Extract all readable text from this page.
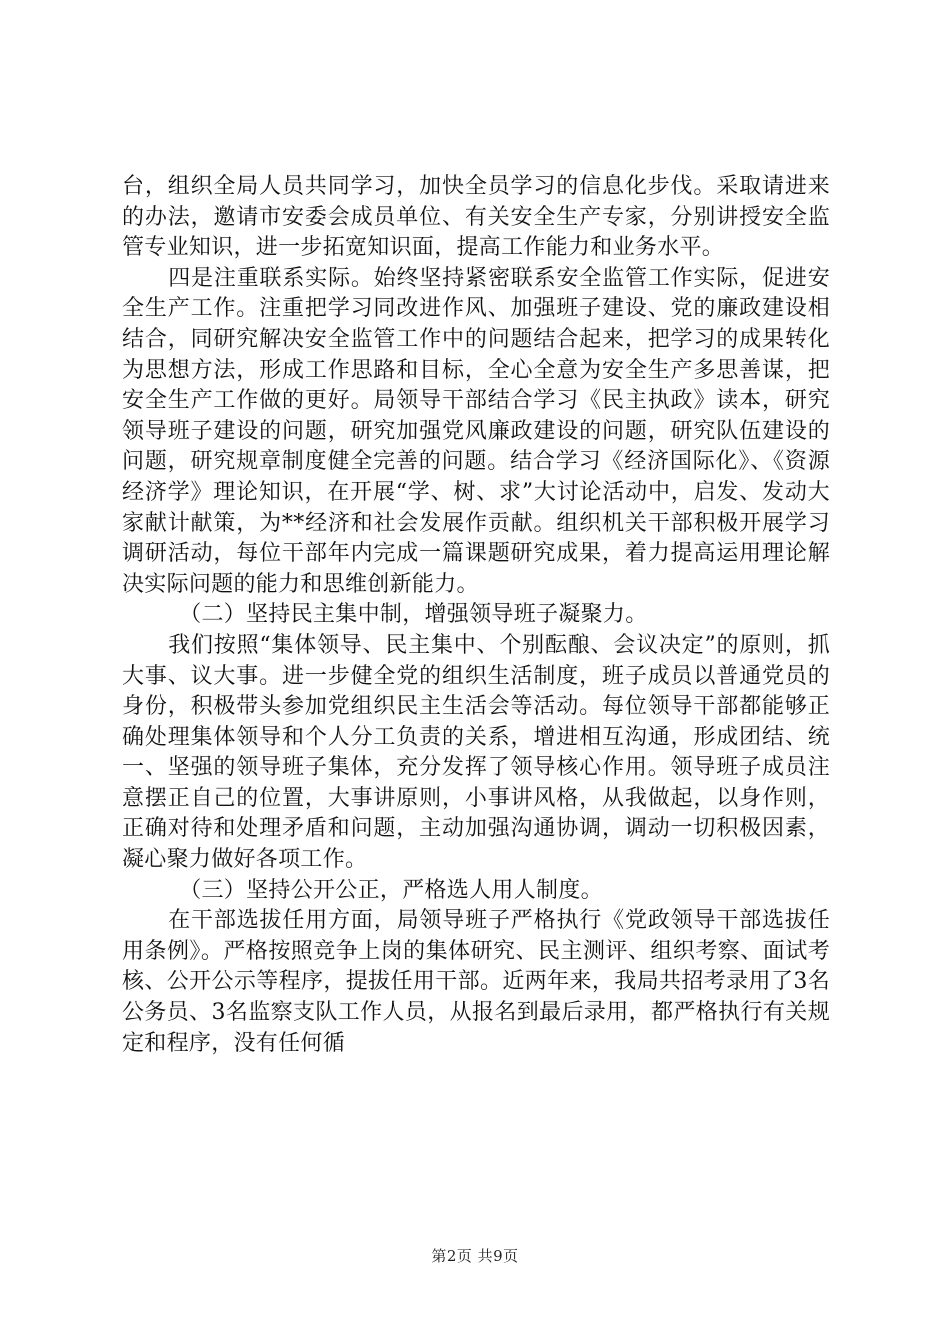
台，组织全局人员共同学习，加快全员学习的信息化步伐。采取请进来的办法，邀请市安委会成员单位、有关安全生产专家，分别讲授安全监管专业知识，进一步拓宽知识面，提高工作能力和业务水平。

四是注重联系实际。始终坚持紧密联系安全监管工作实际，促进安全生产工作。注重把学习同改进作风、加强班子建设、党的廉政建设相结合，同研究解决安全监管工作中的问题结合起来，把学习的成果转化为思想方法，形成工作思路和目标，全心全意为安全生产多思善谋，把安全生产工作做的更好。局领导干部结合学习《民主执政》读本，研究领导班子建设的问题，研究加强党风廉政建设的问题，研究队伍建设的问题，研究规章制度健全完善的问题。结合学习《经济国际化》、《资源经济学》理论知识，在开展“学、树、求”大讨论活动中，启发、发动大家献计献策，为**经济和社会发展作贡献。组织机关干部积极开展学习调研活动，每位干部年内完成一篇课题研究成果，着力提高运用理论解决实际问题的能力和思维创新能力。

（二）坚持民主集中制，增强领导班子凝聚力。

我们按照“集体领导、民主集中、个别酝酿、会议决定”的原则，抓大事、议大事。进一步健全党的组织生活制度，班子成员以普通党员的身份，积极带头参加党组织民主生活会等活动。每位领导干部都能够正确处理集体领导和个人分工负责的关系，增进相互沟通，形成团结、统一、坚强的领导班子集体，充分发挥了领导核心作用。领导班子成员注意摆正自己的位置，大事讲原则，小事讲风格，从我做起，以身作则，正确对待和处理矛盾和问题，主动加强沟通协调，调动一切积极因素，凝心聚力做好各项工作。

（三）坚持公开公正，严格选人用人制度。

在干部选拔任用方面，局领导班子严格执行《党政领导干部选拔任用条例》。严格按照竞争上岗的集体研究、民主测评、组织考察、面试考核、公开公示等程序，提拔任用干部。近两年来，我局共招考录用了3名公务员、3名监察支队工作人员，从报名到最后录用，都严格执行有关规定和程序，没有任何循

第2页 共9页
